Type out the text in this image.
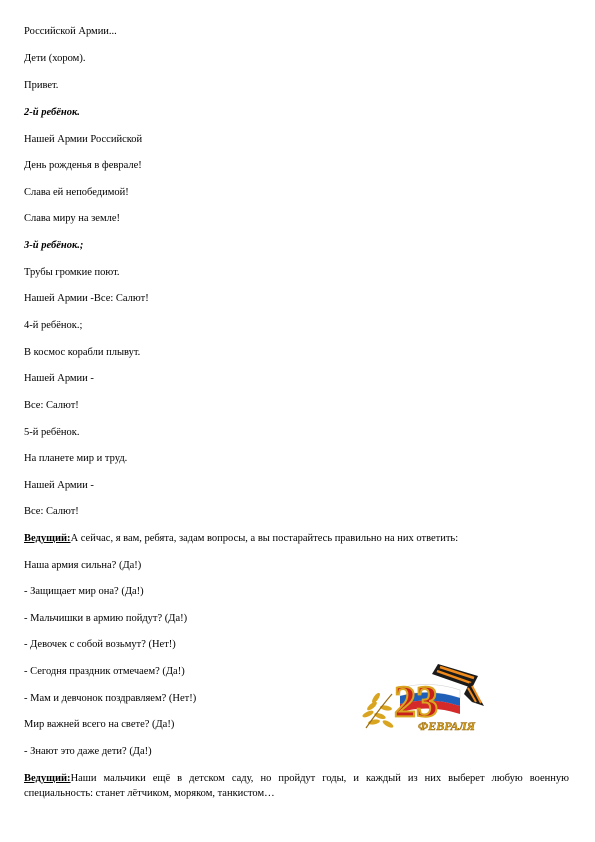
Российской Армии...
Дети (хором).
Привет.
2-й ребёнок.
Нашей Армии Российской
День рожденья в феврале!
Слава ей непобедимой!
Слава миру на земле!
3-й ребёнок.;
Трубы громкие поют.
Нашей Армии -Все: Салют!
4-й ребёнок.;
В космос корабли плывут.
Нашей Армии -
Все: Салют!
5-й ребёнок.
На планете мир и труд.
Нашей Армии -
Все: Салют!
Ведущий:А сейчас, я вам, ребята, задам вопросы, а вы постарайтесь правильно на них ответить:
Наша армия сильна? (Да!)
- Защищает мир она? (Да!)
- Мальчишки в армию пойдут? (Да!)
- Девочек с собой возьмут? (Нет!)
- Сегодня праздник отмечаем? (Да!)
- Мам и девчонок поздравляем? (Нет!)
Мир важней всего на свете? (Да!)
- Знают это даже дети? (Да!)
Ведущий:Наши мальчики ещё в детском саду, но пройдут годы, и каждый из них выберет любую военную специальность: станет лётчиком, моряком, танкистом…
23
ФЕВРАЛЯ
